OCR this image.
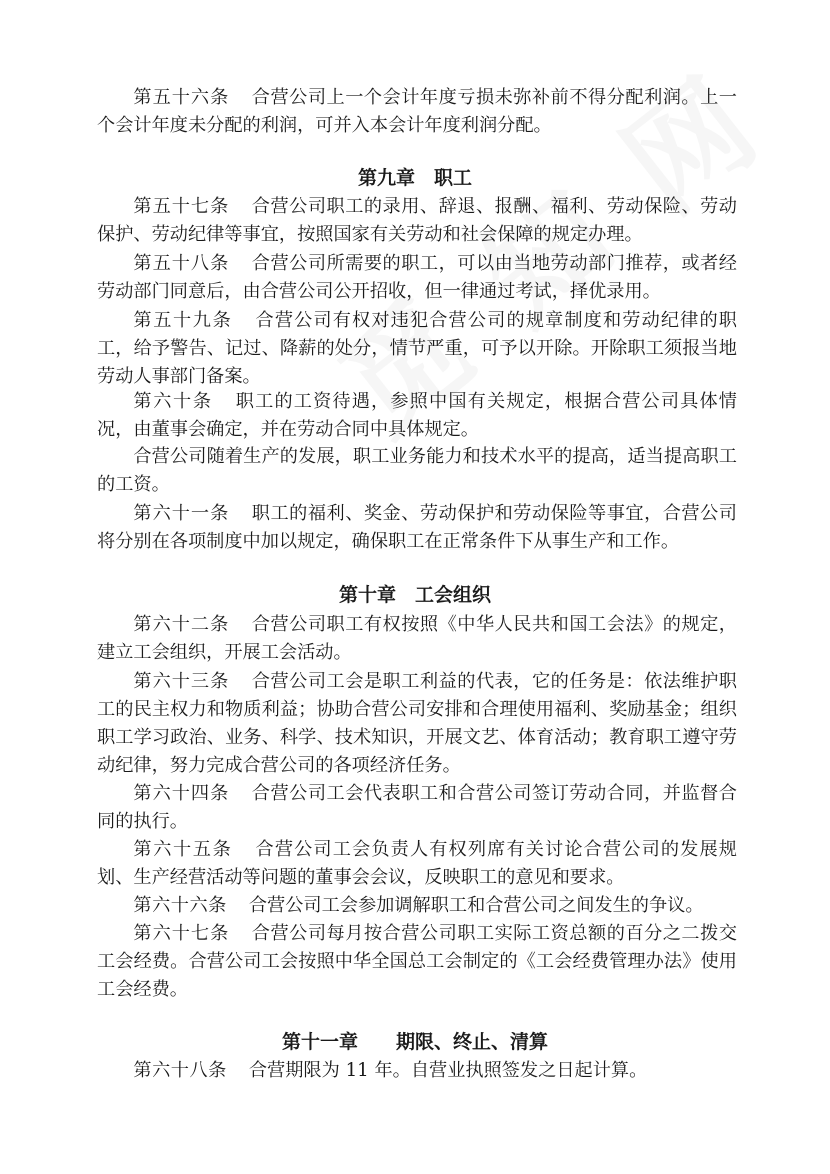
第五十六条 合营公司上一个会计年度亏损未弥补前不得分配利润。上一个会计年度未分配的利润，可并入本会计年度利润分配。

第九章　职工

第五十七条 合营公司职工的录用、辞退、报酬、福利、劳动保险、劳动保护、劳动纪律等事宜，按照国家有关劳动和社会保障的规定办理。

第五十八条 合营公司所需要的职工，可以由当地劳动部门推荐，或者经劳动部门同意后，由合营公司公开招收，但一律通过考试，择优录用。

第五十九条 合营公司有权对违犯合营公司的规章制度和劳动纪律的职工，给予警告、记过、降薪的处分，情节严重，可予以开除。开除职工须报当地劳动人事部门备案。

第六十条 职工的工资待遇，参照中国有关规定，根据合营公司具体情况，由董事会确定，并在劳动合同中具体规定。

合营公司随着生产的发展，职工业务能力和技术水平的提高，适当提高职工的工资。

第六十一条 职工的福利、奖金、劳动保护和劳动保险等事宜，合营公司将分别在各项制度中加以规定，确保职工在正常条件下从事生产和工作。

第十章　工会组织

第六十二条 合营公司职工有权按照《中华人民共和国工会法》的规定，建立工会组织，开展工会活动。

第六十三条 合营公司工会是职工利益的代表，它的任务是：依法维护职工的民主权力和物质利益；协助合营公司安排和合理使用福利、奖励基金；组织职工学习政治、业务、科学、技术知识，开展文艺、体育活动；教育职工遵守劳动纪律，努力完成合营公司的各项经济任务。

第六十四条 合营公司工会代表职工和合营公司签订劳动合同，并监督合同的执行。

第六十五条 合营公司工会负责人有权列席有关讨论合营公司的发展规划、生产经营活动等问题的董事会会议，反映职工的意见和要求。

第六十六条 合营公司工会参加调解职工和合营公司之间发生的争议。

第六十七条 合营公司每月按合营公司职工实际工资总额的百分之二拨交工会经费。合营公司工会按照中华全国总工会制定的《工会经费管理办法》使用工会经费。

第十一章　　期限、终止、清算

第六十八条 合营期限为 11 年。自营业执照签发之日起计算。
